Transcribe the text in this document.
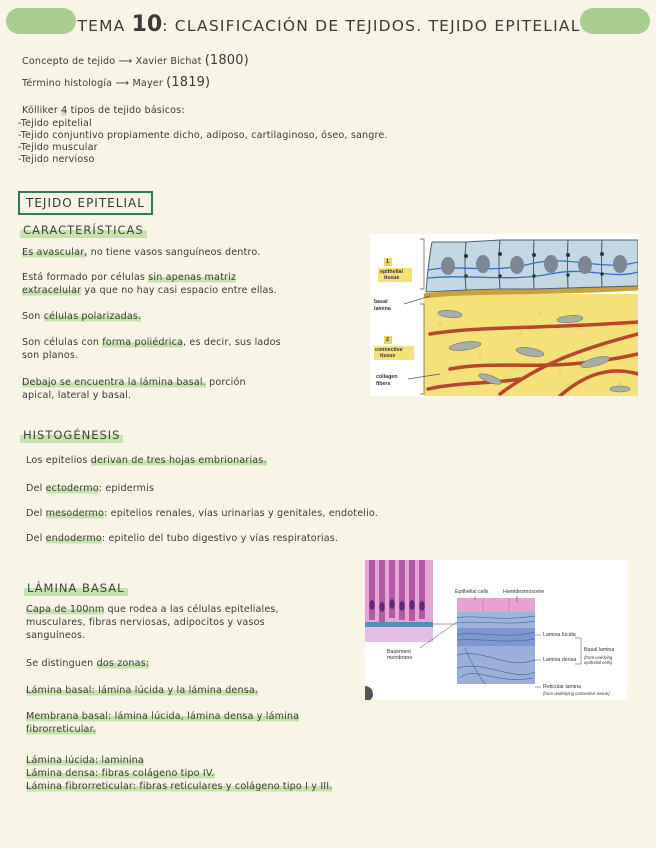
TEMA 10: CLASIFICACIÓN DE TEJIDOS. TEJIDO EPITELIAL
Concepto de tejido ⟶ Xavier Bichat (1800)
Término histología ⟶ Mayer (1819)
Kölliker 4 tipos de tejido básicos:
-Tejido epitelial
-Tejido conjuntivo propiamente dicho, adiposo, cartilaginoso, óseo, sangre.
-Tejido muscular
-Tejido nervioso
TEJIDO EPITELIAL
CARACTERÍSTICAS
Es avascular, no tiene vasos sanguíneos dentro.
Está formado por células sin apenas matriz
extracelular ya que no hay casi espacio entre ellas.
Son células polarizadas.
Son células con forma poliédrica, es decir, sus lados
son planos.
Debajo se encuentra la lámina basal. porción
apical, lateral y basal.
1
epithelial
tissue
basal
lamina
2
connective
tissue
collagen
fibers
HISTOGÉNESIS
Los epitelios derivan de tres hojas embrionarias.
Del ectodermo: epidermis
Del mesodermo: epitelios renales, vías urinarias y genitales, endotelio.
Del endodermo: epitelio del tubo digestivo y vías respiratorias.
LÁMINA BASAL
Capa de 100nm que rodea a las células epiteliales,
musculares, fibras nerviosas, adipocitos y vasos
sanguíneos.
Se distinguen dos zonas:
Lámina basal: lámina lúcida y la lámina densa.
Membrana basal: lámina lúcida, lámina densa y lámina
fibrorreticular.
Lámina lúcida: laminina
Lámina densa: fibras colágeno tipo IV.
Lámina fibrorreticular: fibras reticulares y colágeno tipo I y III.
Epithelial cells	Hemidesmosome
Basement
membrane
Lamina lucida
Lamina densa
Basal lamina
(from overlying
epithelial cells)
Reticular lamina
(from underlying connective tissue)
